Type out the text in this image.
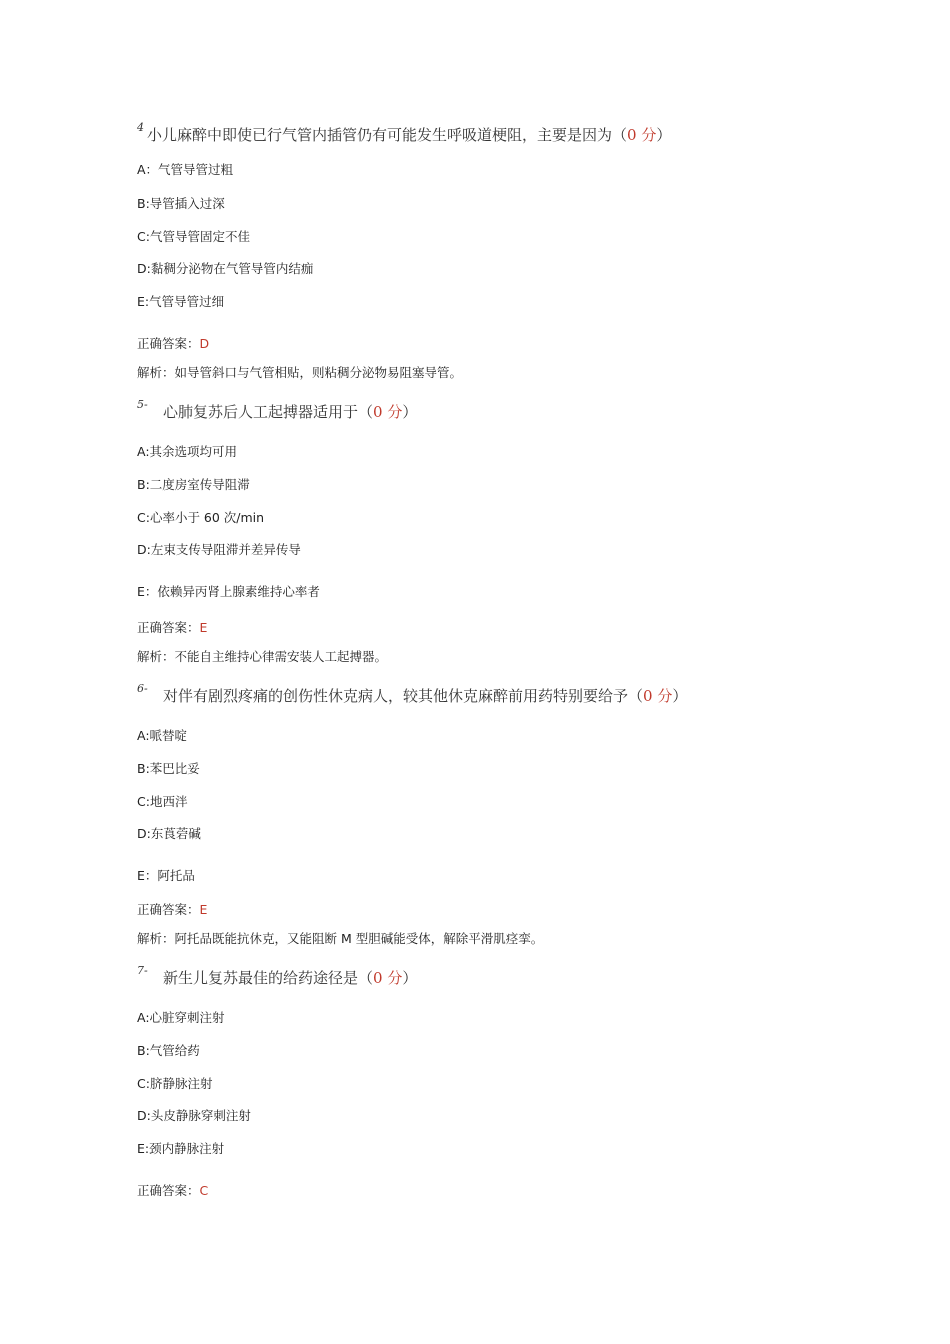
4 小儿麻醉中即使已行气管内插管仍有可能发生呼吸道梗阻，主要是因为（0 分）
A：气管导管过粗
B:导管插入过深
C:气管导管固定不佳
D:黏稠分泌物在气管导管内结痂
E:气管导管过细
正确答案：D
解析：如导管斜口与气管相贴，则粘稠分泌物易阻塞导管。
5- 心肺复苏后人工起搏器适用于（0 分）
A:其余选项均可用
B:二度房室传导阻滞
C:心率小于 60 次/min
D:左束支传导阻滞并差异传导
E：依赖异丙肾上腺素维持心率者
正确答案：E
解析：不能自主维持心律需安装人工起搏器。
6- 对伴有剧烈疼痛的创伤性休克病人，较其他休克麻醉前用药特别要给予（0 分）
A:哌替啶
B:苯巴比妥
C:地西泮
D:东莨菪碱
E：阿托品
正确答案：E
解析：阿托品既能抗休克，又能阻断 M 型胆碱能受体，解除平滑肌痉挛。
7- 新生儿复苏最佳的给药途径是（0 分）
A:心脏穿刺注射
B:气管给药
C:脐静脉注射
D:头皮静脉穿刺注射
E:颈内静脉注射
正确答案：C
